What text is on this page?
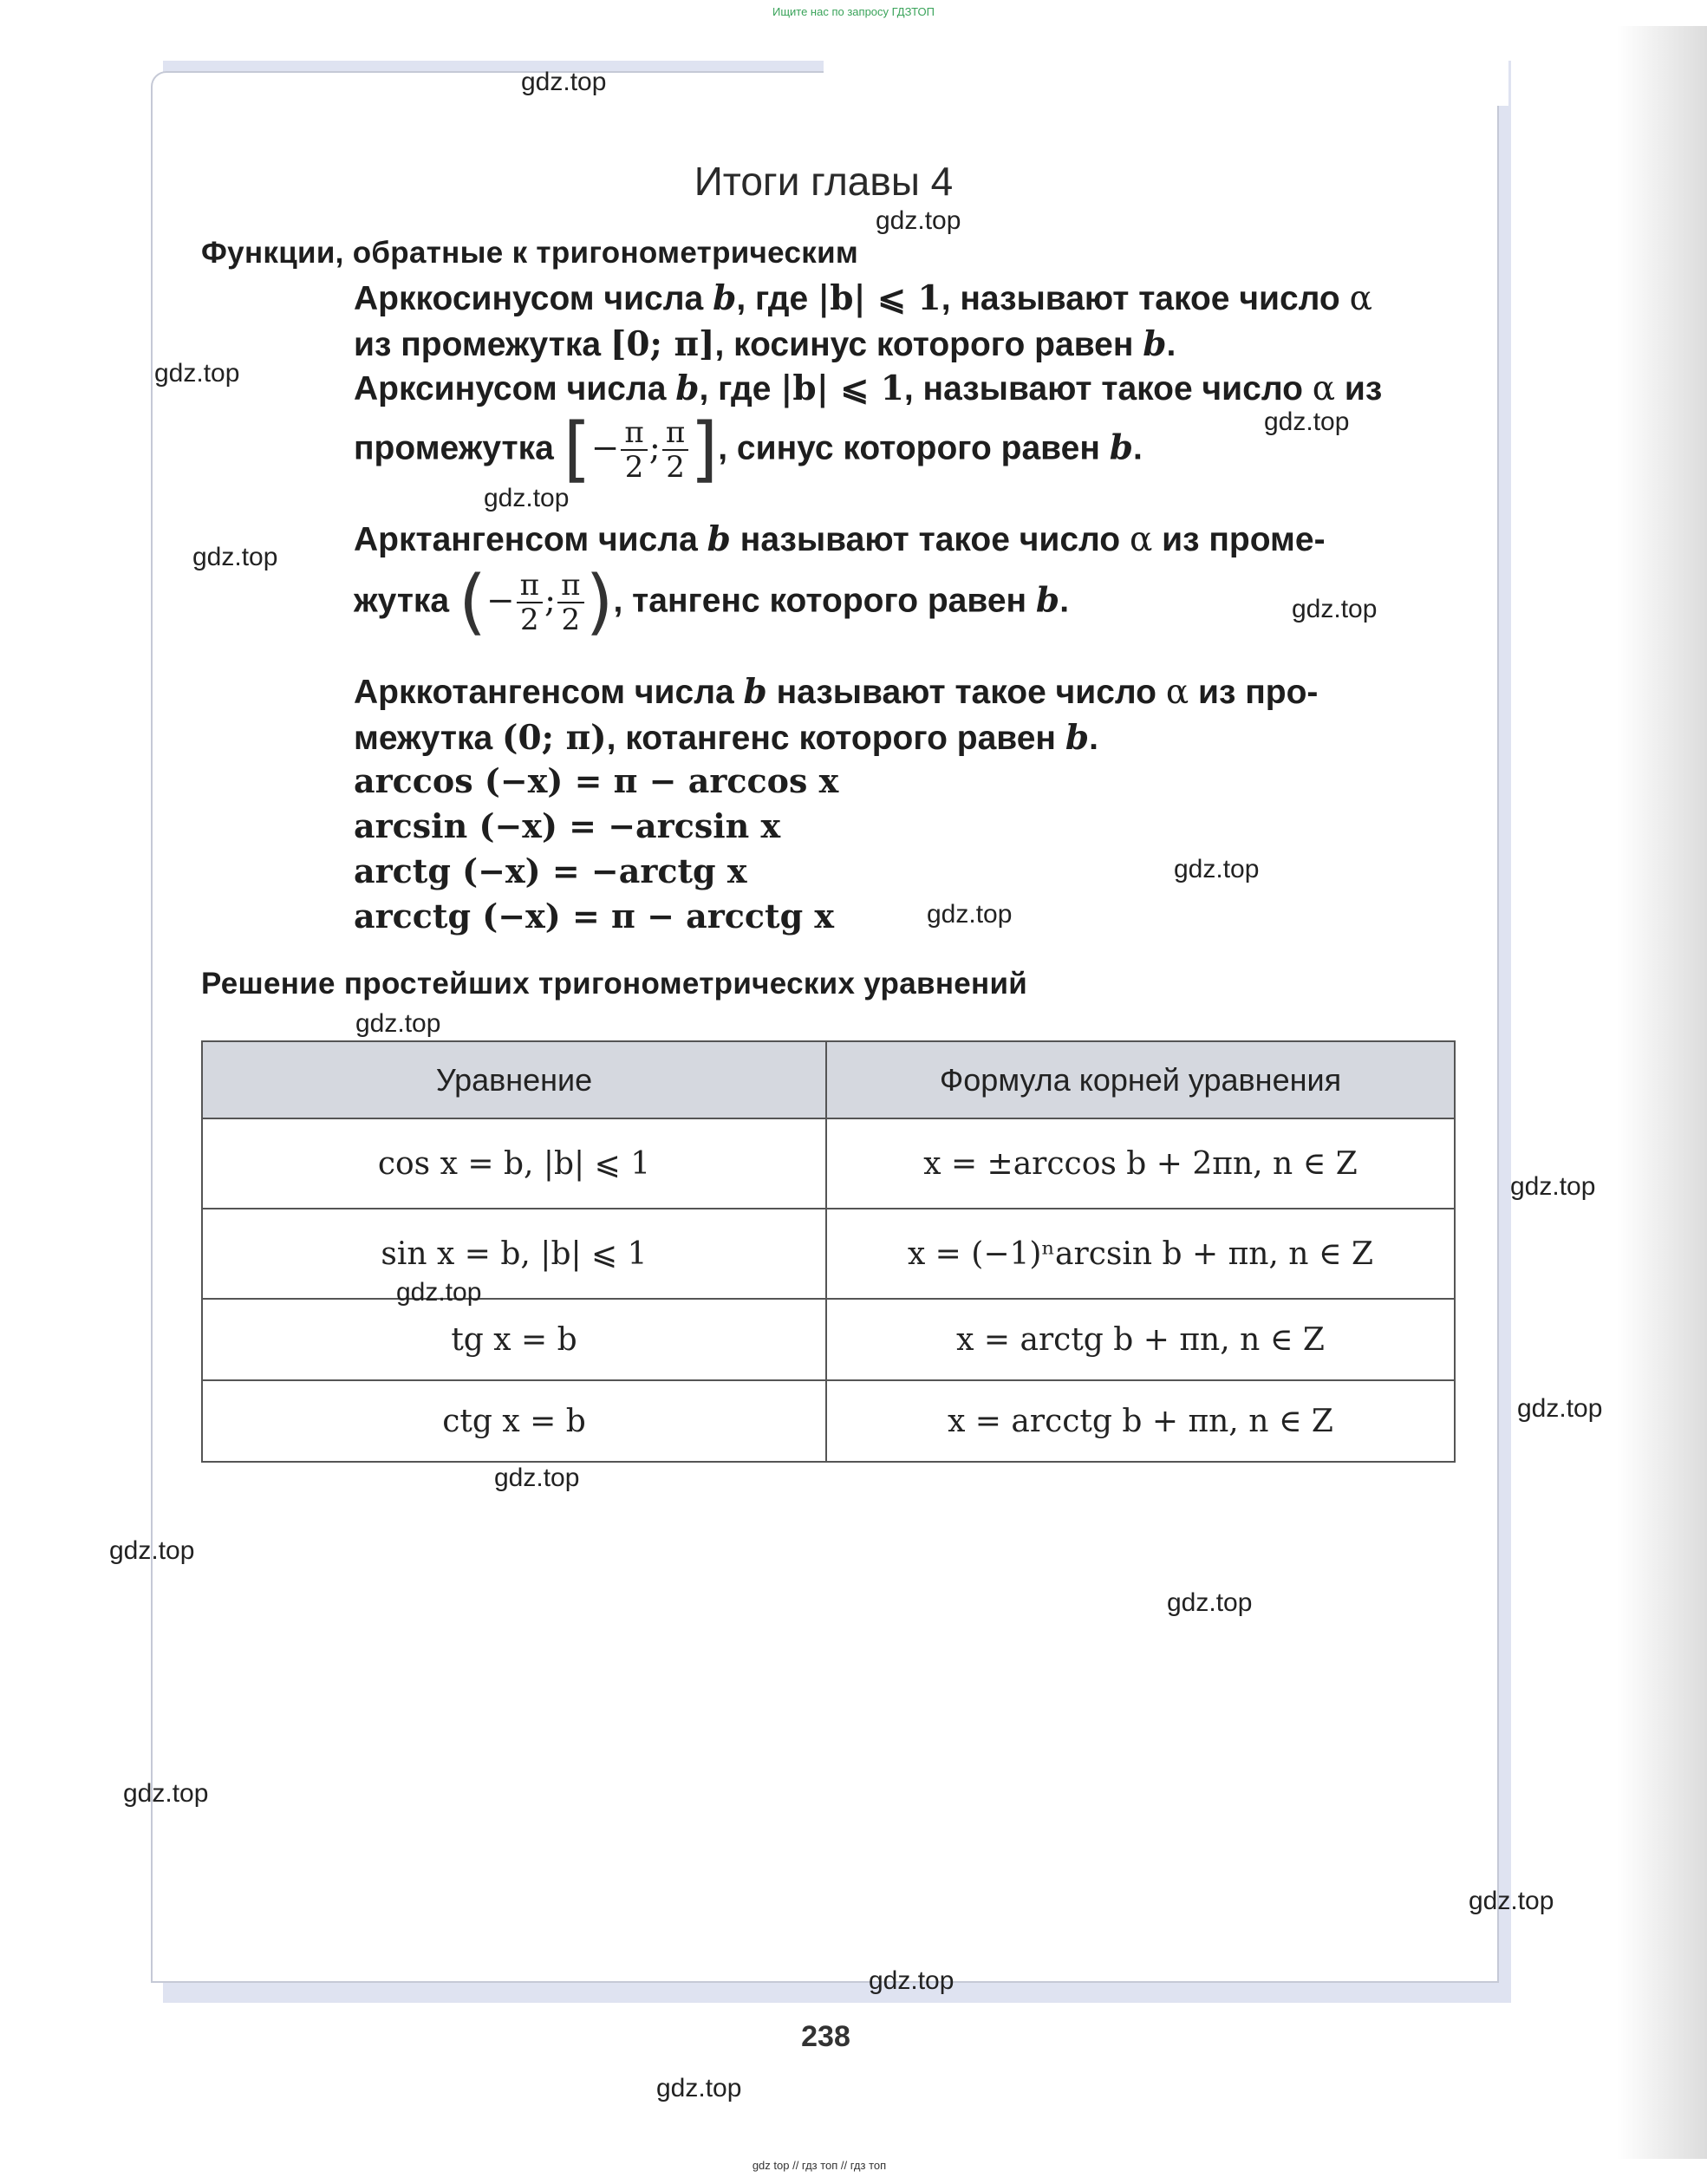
Ищите нас по запросу ГДЗТОП
Итоги главы 4
Функции, обратные к тригонометрическим
Арккосинусом числа b, где |b| ⩽ 1, называют такое число α
из промежутка [0; π], косинус которого равен b.
Арксинусом числа b, где |b| ⩽ 1, называют такое число α из
промежутка [− $\frac{\pi}{2}$ ; $\frac{\pi}{2}$ ], синус которого равен b.
Арктангенсом числа b называют такое число α из проме-
жутка (− $\frac{\pi}{2}$ ; $\frac{\pi}{2}$ ), тангенс которого равен b.
Арккотангенсом числа b называют такое число α из про-
межутка (0; π), котангенс которого равен b.
arccos (−x) = π − arccos x
arcsin (−x) = −arcsin x
arctg (−x) = −arctg x
arcctg (−x) = π − arcctg x
Решение простейших тригонометрических уравнений
Уравнение	Формула корней уравнения
cos x = b, |b| ⩽ 1	x = ±arccos b + 2πn, n ∈ Z
sin x = b, |b| ⩽ 1	x = (−1)ⁿarcsin b + πn, n ∈ Z
tg x = b	x = arctg b + πn, n ∈ Z
ctg x = b	x = arcctg b + πn, n ∈ Z
238
gdz.top
gdz.top
gdz.top
gdz.top
gdz.top
gdz.top
gdz.top
gdz.top
gdz.top
gdz.top
gdz.top
gdz.top
gdz.top
gdz.top
gdz.top
gdz.top
gdz.top
gdz.top
gdz.top
gdz.top
gdz top // гдз топ // гдз топ
